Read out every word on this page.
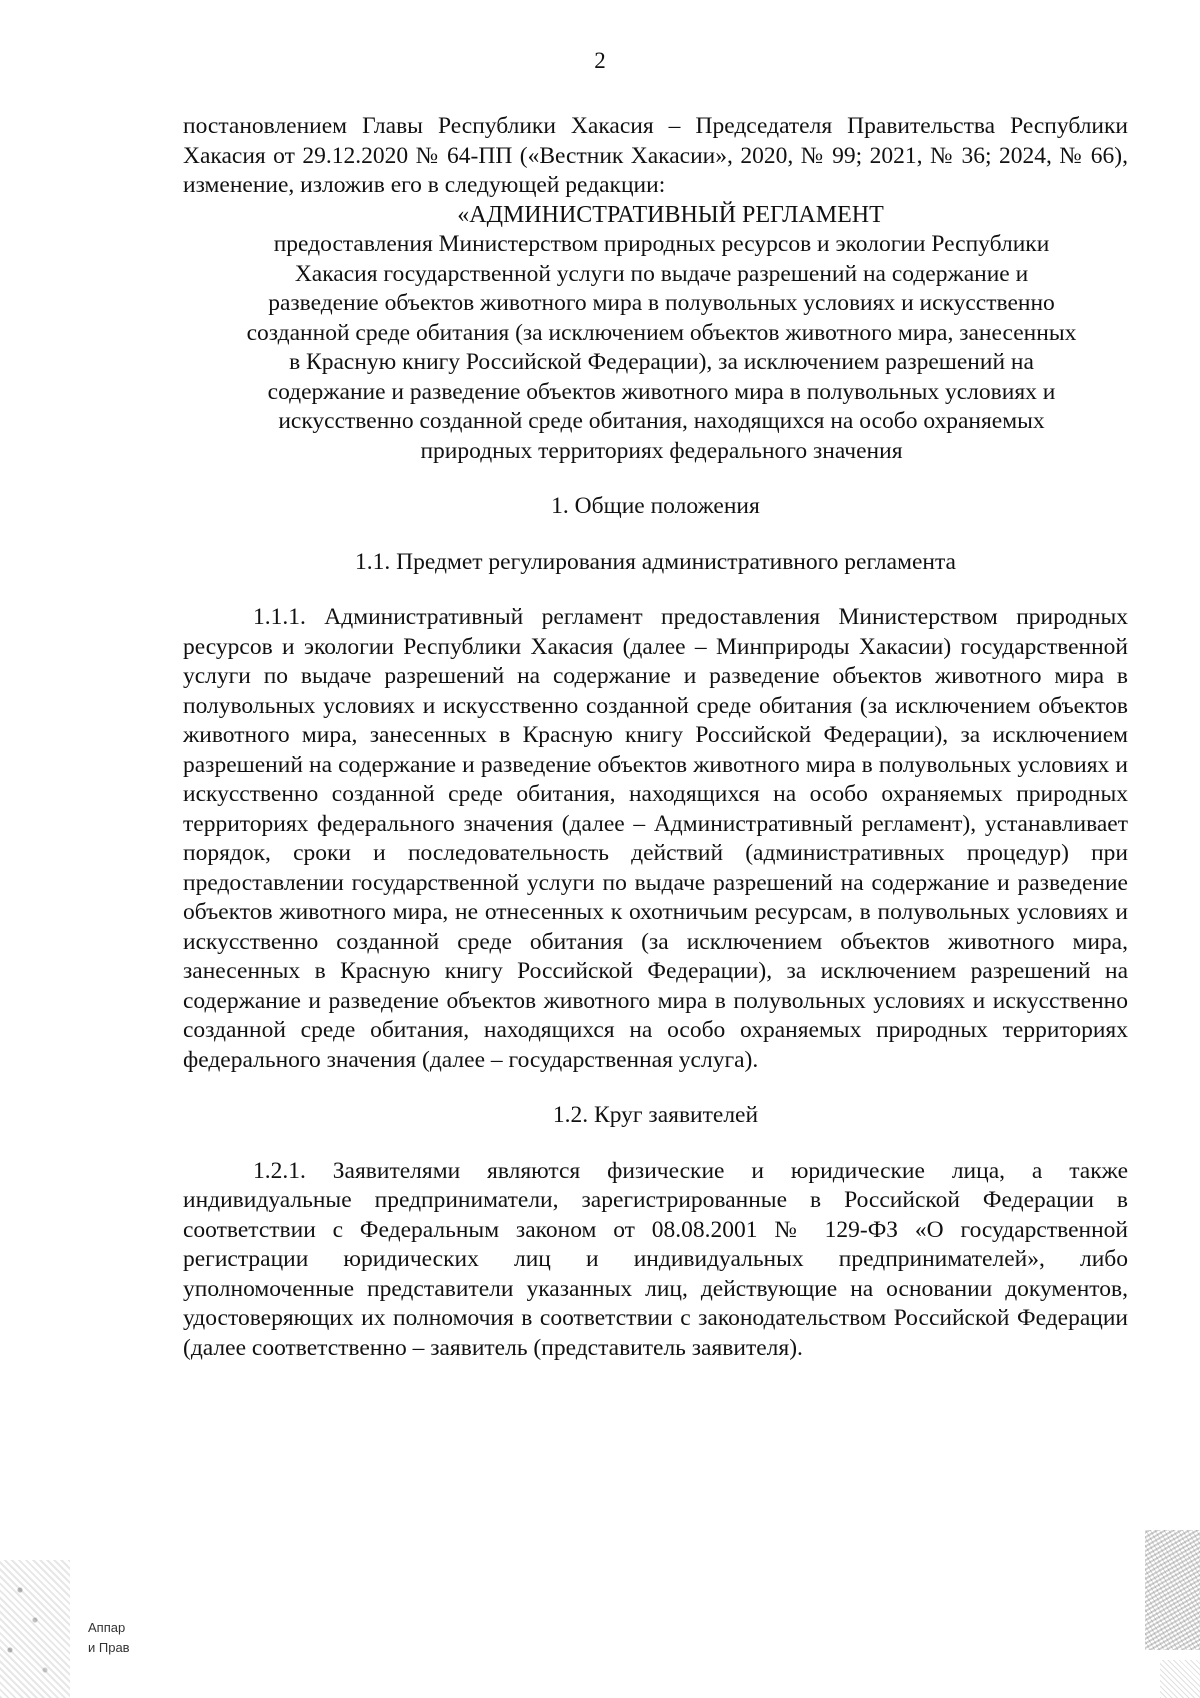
2

постановлением Главы Республики Хакасия – Председателя Правительства Республики Хакасия от 29.12.2020 № 64-ПП («Вестник Хакасии», 2020, № 99; 2021, № 36; 2024, № 66), изменение, изложив его в следующей редакции:

«АДМИНИСТРАТИВНЫЙ РЕГЛАМЕНТ

предоставления Министерством природных ресурсов и экологии Республики

Хакасия государственной услуги по выдаче разрешений на содержание и

разведение объектов животного мира в полувольных условиях и искусственно

созданной среде обитания (за исключением объектов животного мира, занесенных

в Красную книгу Российской Федерации), за исключением разрешений на

содержание и разведение объектов животного мира в полувольных условиях и

искусственно созданной среде обитания, находящихся на особо охраняемых

природных территориях федерального значения

1. Общие положения

1.1. Предмет регулирования административного регламента

1.1.1. Административный регламент предоставления Министерством природных ресурсов и экологии Республики Хакасия (далее – Минприроды Хакасии) государственной услуги по выдаче разрешений на содержание и разведение объектов животного мира в полувольных условиях и искусственно созданной среде обитания (за исключением объектов животного мира, занесенных в Красную книгу Российской Федерации), за исключением разрешений на содержание и разведение объектов животного мира в полувольных условиях и искусственно созданной среде обитания, находящихся на особо охраняемых природных территориях федерального значения (далее – Административный регламент), устанавливает порядок, сроки и последовательность действий (административных процедур) при предоставлении государственной услуги по выдаче разрешений на содержание и разведение объектов животного мира, не отнесенных к охотничьим ресурсам, в полувольных условиях и искусственно созданной среде обитания (за исключением объектов животного мира, занесенных в Красную книгу Российской Федерации), за исключением разрешений на содержание и разведение объектов животного мира в полувольных условиях и искусственно созданной среде обитания, находящихся на особо охраняемых природных территориях федерального значения (далее – государственная услуга).

1.2. Круг заявителей

1.2.1. Заявителями являются физические и юридические лица, а также индивидуальные предприниматели, зарегистрированные в Российской Федерации в соответствии с Федеральным законом от 08.08.2001 № 129-ФЗ «О государственной регистрации юридических лиц и индивидуальных предпринимателей», либо уполномоченные представители указанных лиц, действующие на основании документов, удостоверяющих их полномочия в соответствии с законодательством Российской Федерации (далее соответственно – заявитель (представитель заявителя).

Аппар
и Прав
